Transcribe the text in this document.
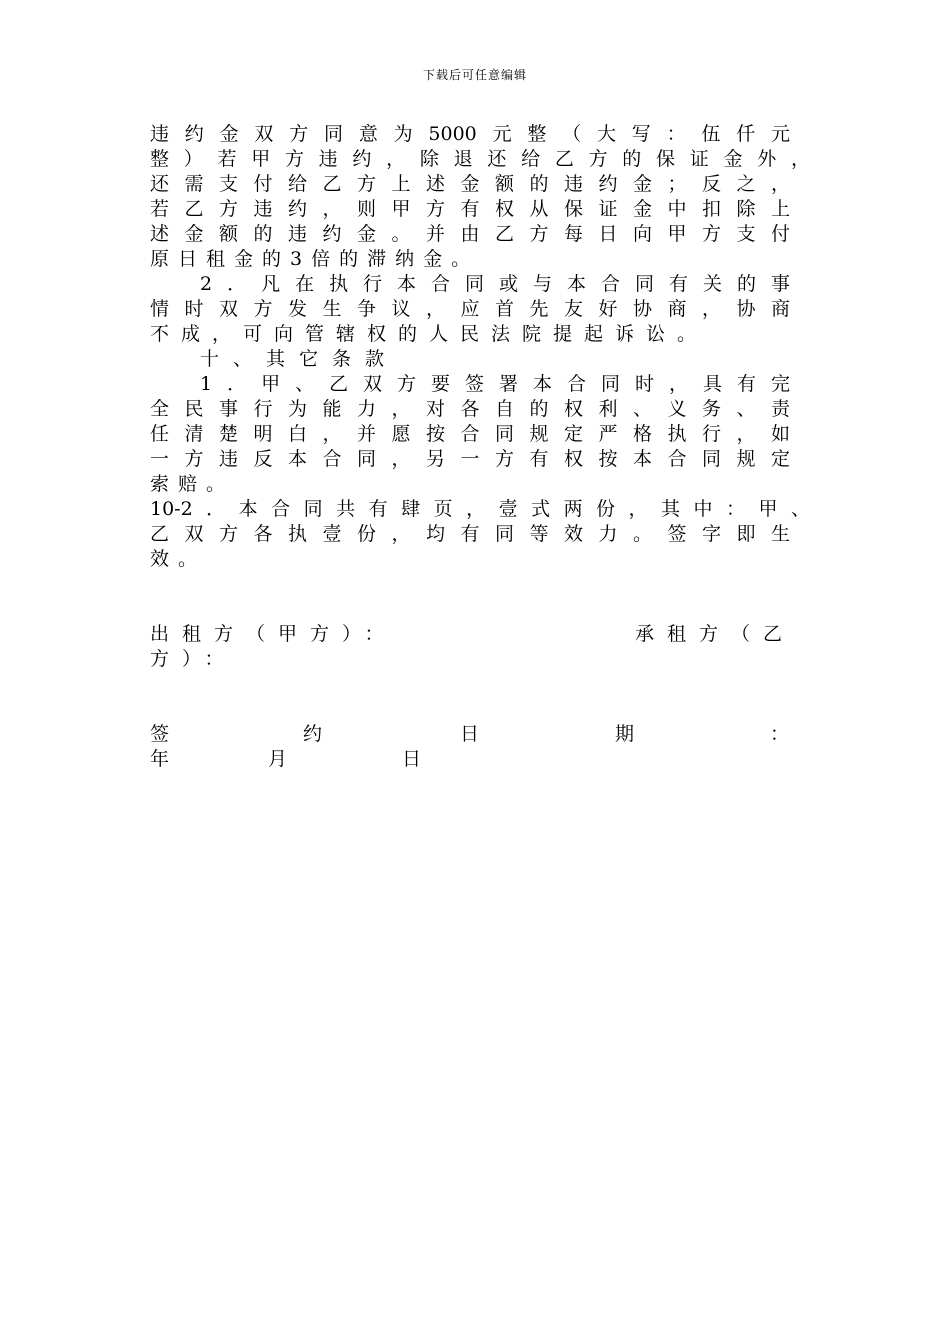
下载后可任意编辑
违约金双方同意为5000元整（大写：伍仟元
整）若甲方违约，除退还给乙方的保证金外，
还需支付给乙方上述金额的违约金；反之，
若乙方违约，则甲方有权从保证金中扣除上
述金额的违约金。并由乙方每日向甲方支付
原日租金的3倍的滞纳金。
2．凡在执行本合同或与本合同有关的事
情时双方发生争议，应首先友好协商，协商
不成，可向管辖权的人民法院提起诉讼。
十、其它条款
1．甲、乙双方要签署本合同时，具有完
全民事行为能力，对各自的权利、义务、责
任清楚明白，并愿按合同规定严格执行，如
一方违反本合同，另一方有权按本合同规定
索赔。
10-2．本合同共有肆页，壹式两份，其中：甲、
乙双方各执壹份，均有同等效力。签字即生
效。
出租方（甲方）：	承租方（乙
方）：
签	约	日	期	：
年	月	日
